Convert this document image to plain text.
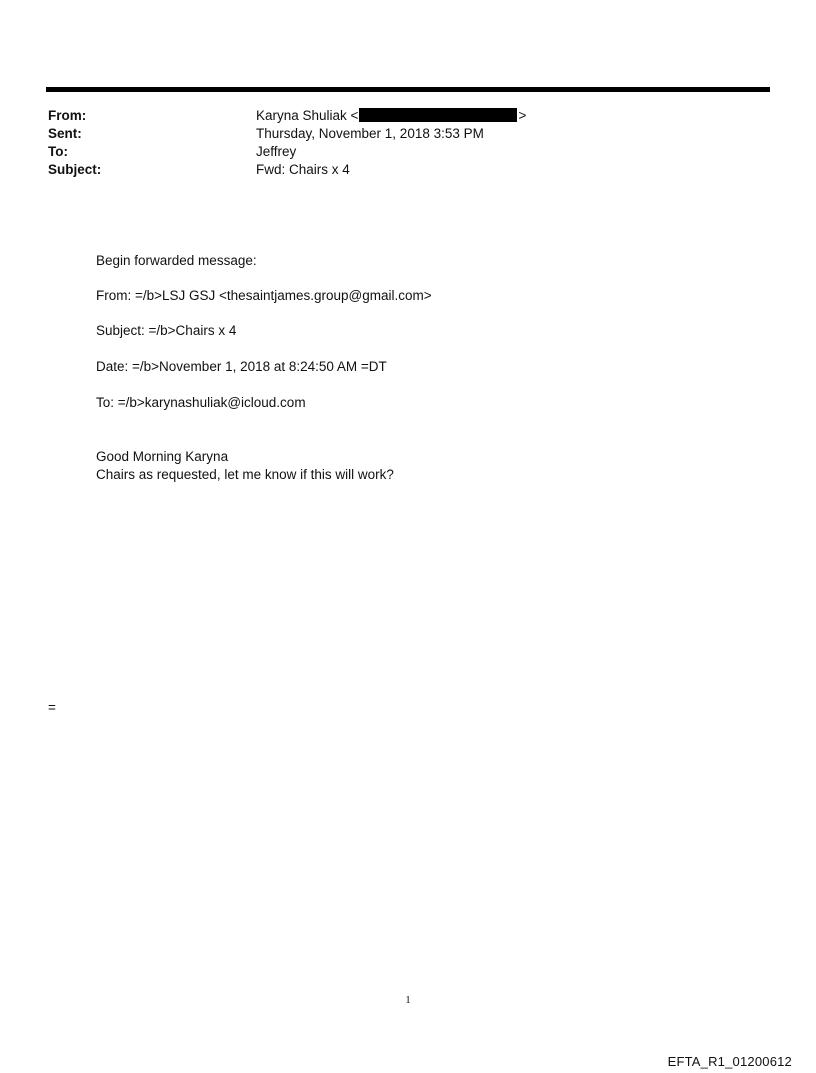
From:	Karyna Shuliak <	>
Sent:	Thursday, November 1, 2018 3:53 PM
To:	Jeffrey
Subject:	Fwd: Chairs x 4
Begin forwarded message:
From: =/b>LSJ GSJ <thesaintjames.group@gmail.com>
Subject: =/b>Chairs x 4
Date: =/b>November 1, 2018 at 8:24:50 AM =DT
To: =/b>karynashuliak@icloud.com
Good Morning Karyna
Chairs as requested, let me know if this will work?
=
1
EFTA_R1_01200612
